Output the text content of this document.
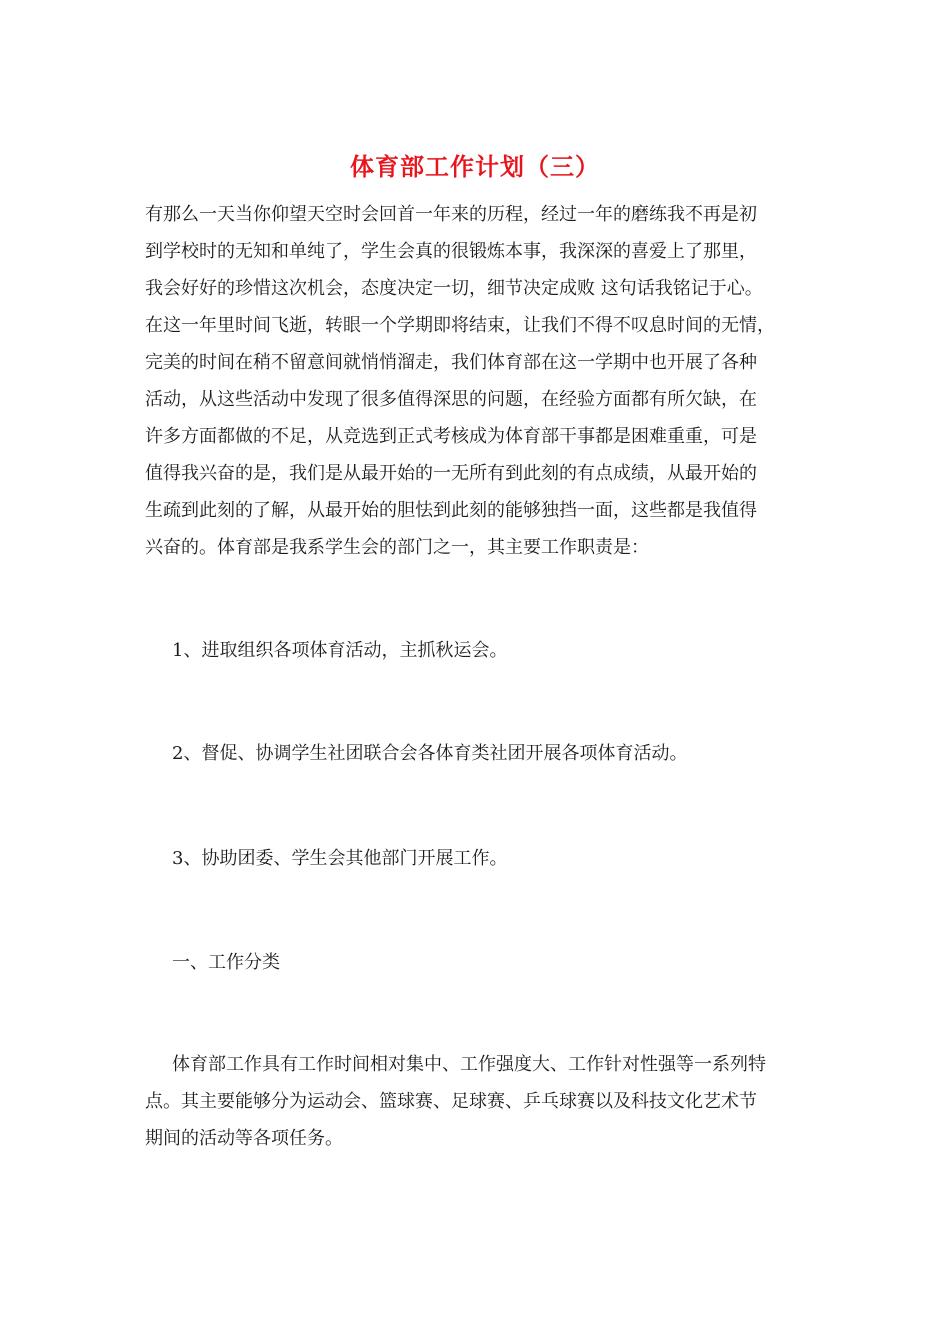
体育部工作计划（三）

有那么一天当你仰望天空时会回首一年来的历程，经过一年的磨练我不再是初
到学校时的无知和单纯了，学生会真的很锻炼本事，我深深的喜爱上了那里，
我会好好的珍惜这次机会，态度决定一切，细节决定成败 这句话我铭记于心。
在这一年里时间飞逝，转眼一个学期即将结束，让我们不得不叹息时间的无情，
完美的时间在稍不留意间就悄悄溜走，我们体育部在这一学期中也开展了各种
活动，从这些活动中发现了很多值得深思的问题，在经验方面都有所欠缺，在
许多方面都做的不足，从竞选到正式考核成为体育部干事都是困难重重，可是
值得我兴奋的是，我们是从最开始的一无所有到此刻的有点成绩，从最开始的
生疏到此刻的了解，从最开始的胆怯到此刻的能够独挡一面，这些都是我值得
兴奋的。体育部是我系学生会的部门之一，其主要工作职责是：

1、进取组织各项体育活动，主抓秋运会。

2、督促、协调学生社团联合会各体育类社团开展各项体育活动。

3、协助团委、学生会其他部门开展工作。

一、工作分类

体育部工作具有工作时间相对集中、工作强度大、工作针对性强等一系列特
点。其主要能够分为运动会、篮球赛、足球赛、乒乓球赛以及科技文化艺术节
期间的活动等各项任务。
